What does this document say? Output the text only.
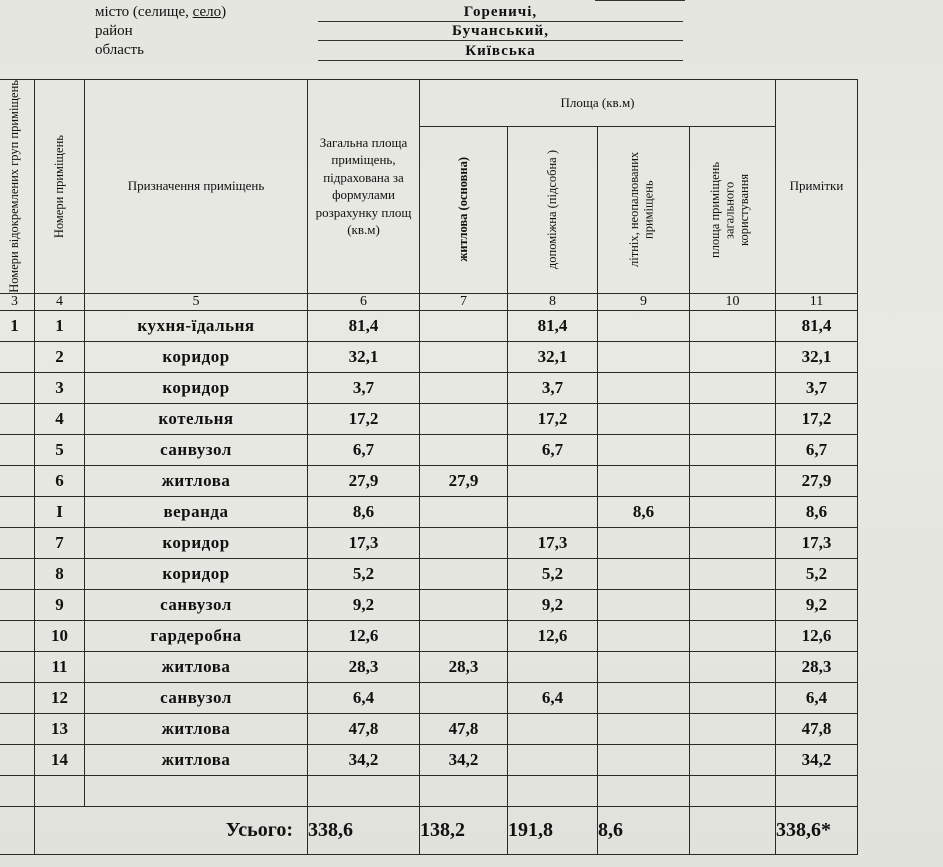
місто (селище, село)	Гореничі,
район	Бучанський,
область	Київська
Номери відокремлених груп приміщень	Номери приміщень	Призначення приміщень	Загальна площа приміщень, підрахована за формулами розрахунку площ (кв.м)	Площа (кв.м)				Примітки

				житлова (основна)	допоміжна (підсобна )	літніх, неопалюваних приміщень	площа приміщень загального користування	

3	4	5	6	7	8	9	10	11
1	1	кухня-їдальня	81,4		81,4			81,4
	2	коридор	32,1		32,1			32,1
	3	коридор	3,7		3,7			3,7
	4	котельня	17,2		17,2			17,2
	5	санвузол	6,7		6,7			6,7
	6	житлова	27,9	27,9				27,9
	I	веранда	8,6			8,6		8,6
	7	коридор	17,3		17,3			17,3
	8	коридор	5,2		5,2			5,2
	9	санвузол	9,2		9,2			9,2
	10	гардеробна	12,6		12,6			12,6
	11	житлова	28,3	28,3				28,3
	12	санвузол	6,4		6,4			6,4
	13	житлова	47,8	47,8				47,8
	14	житлова	34,2	34,2				34,2

	Усього:		338,6	138,2	191,8	8,6		338,6*
